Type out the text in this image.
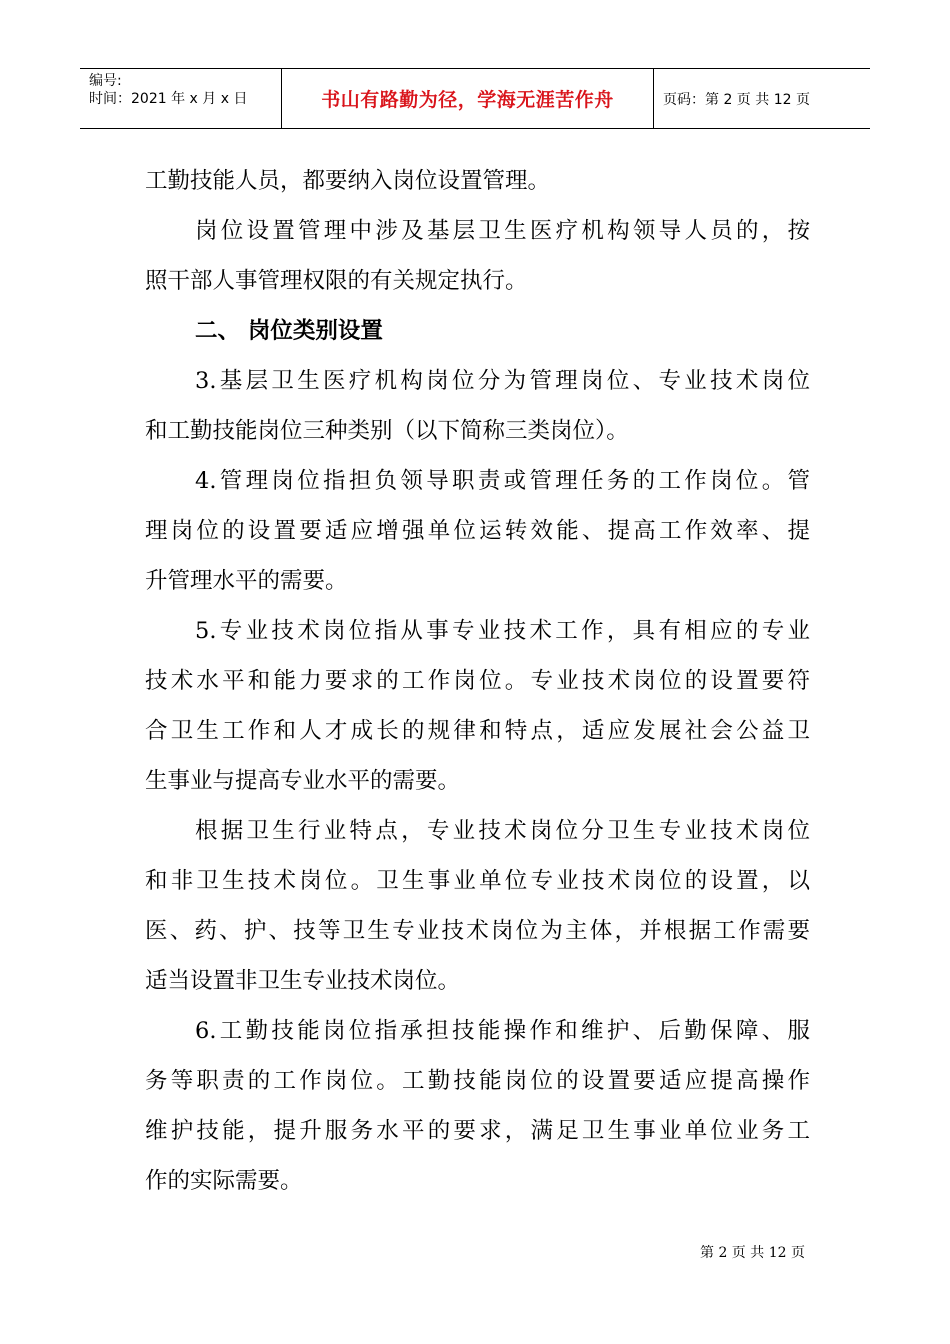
编号:
时间：2021 年 x 月 x 日	书山有路勤为径，学海无涯苦作舟	页码：第 2 页 共 12 页
工勤技能人员，都要纳入岗位设置管理。
岗位设置管理中涉及基层卫生医疗机构领导人员的，按
照干部人事管理权限的有关规定执行。
二、 岗位类别设置
3.基层卫生医疗机构岗位分为管理岗位、专业技术岗位
和工勤技能岗位三种类别（以下简称三类岗位）。
4.管理岗位指担负领导职责或管理任务的工作岗位。管
理岗位的设置要适应增强单位运转效能、提高工作效率、提
升管理水平的需要。
5.专业技术岗位指从事专业技术工作，具有相应的专业
技术水平和能力要求的工作岗位。专业技术岗位的设置要符
合卫生工作和人才成长的规律和特点，适应发展社会公益卫
生事业与提高专业水平的需要。
根据卫生行业特点，专业技术岗位分卫生专业技术岗位
和非卫生技术岗位。卫生事业单位专业技术岗位的设置，以
医、药、护、技等卫生专业技术岗位为主体，并根据工作需要
适当设置非卫生专业技术岗位。
6.工勤技能岗位指承担技能操作和维护、后勤保障、服
务等职责的工作岗位。工勤技能岗位的设置要适应提高操作
维护技能，提升服务水平的要求，满足卫生事业单位业务工
作的实际需要。
第 2 页 共 12 页
